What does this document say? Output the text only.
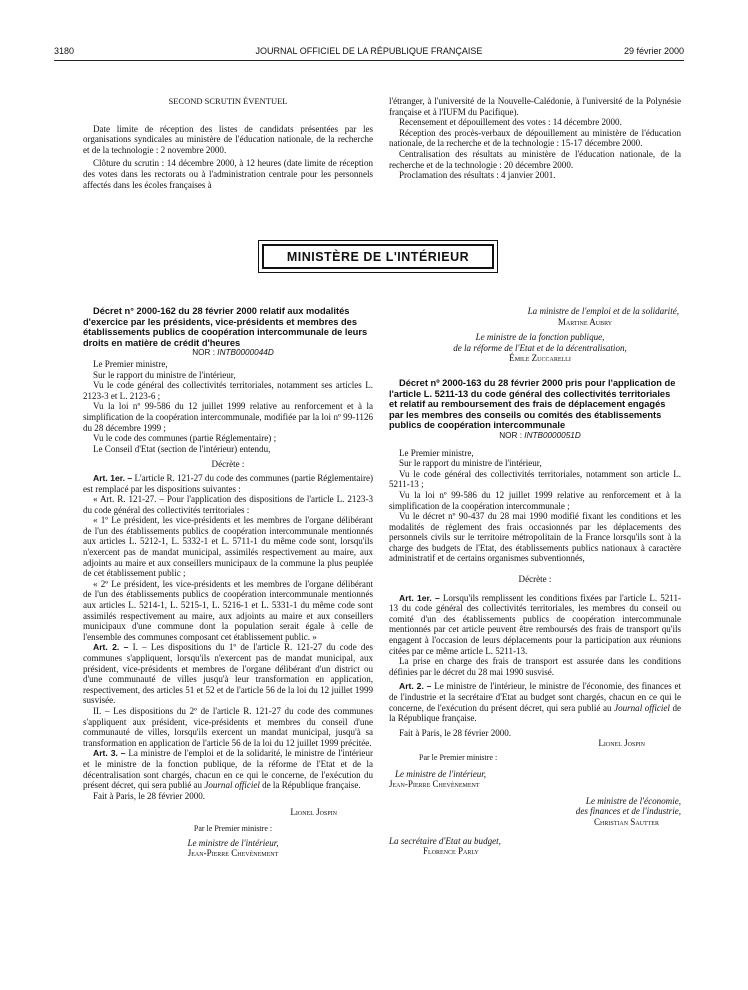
3180	JOURNAL OFFICIEL DE LA RÉPUBLIQUE FRANÇAISE	29 février 2000

SECOND SCRUTIN ÉVENTUEL

Date limite de réception des listes de candidats présentées par les organisations syndicales au ministère de l'éducation nationale, de la recherche et de la technologie : 2 novembre 2000.

Clôture du scrutin : 14 décembre 2000, à 12 heures (date limite de réception des votes dans les rectorats ou à l'administration centrale pour les personnels affectés dans les écoles françaises à

l'étranger, à l'université de la Nouvelle-Calédonie, à l'université de la Polynésie française et à l'IUFM du Pacifique).

Recensement et dépouillement des votes : 14 décembre 2000.

Réception des procès-verbaux de dépouillement au ministère de l'éducation nationale, de la recherche et de la technologie : 15-17 décembre 2000.

Centralisation des résultats au ministère de l'éducation nationale, de la recherche et de la technologie : 20 décembre 2000.

Proclamation des résultats : 4 janvier 2001.

MINISTÈRE DE L'INTÉRIEUR

Décret n° 2000-162 du 28 février 2000 relatif aux modalités d'exercice par les présidents, vice-présidents et membres des établissements publics de coopération intercommunale de leurs droits en matière de crédit d'heures

NOR : INTB0000044D

Le Premier ministre,

Sur le rapport du ministre de l'intérieur,

Vu le code général des collectivités territoriales, notamment ses articles L. 2123-3 et L. 2123-6 ;

Vu la loi nº 99-586 du 12 juillet 1999 relative au renforcement et à la simplification de la coopération intercommunale, modifiée par la loi nº 99-1126 du 28 décembre 1999 ;

Vu le code des communes (partie Réglementaire) ;

Le Conseil d'Etat (section de l'intérieur) entendu,

Décrète :

Art. 1er. – L'article R. 121-27 du code des communes (partie Réglementaire) est remplacé par les dispositions suivantes :

« Art. R. 121-27. – Pour l'application des dispositions de l'article L. 2123-3 du code général des collectivités territoriales :

« 1º Le président, les vice-présidents et les membres de l'organe délibérant de l'un des établissements publics de coopération intercommunale mentionnés aux articles L. 5212-1, L. 5332-1 et L. 5711-1 du même code sont, lorsqu'ils n'exercent pas de mandat municipal, assimilés respectivement au maire, aux adjoints au maire et aux conseillers municipaux de la commune la plus peuplée de cet établissement public ;

« 2º Le président, les vice-présidents et les membres de l'organe délibérant de l'un des établissements publics de coopération intercommunale mentionnés aux articles L. 5214-1, L. 5215-1, L. 5216-1 et L. 5331-1 du même code sont assimilés respectivement au maire, aux adjoints au maire et aux conseillers municipaux d'une commune dont la population serait égale à celle de l'ensemble des communes composant cet établissement public. »

Art. 2. – I. – Les dispositions du 1º de l'article R. 121-27 du code des communes s'appliquent, lorsqu'ils n'exercent pas de mandat municipal, aux président, vice-présidents et membres de l'organe délibérant d'un district ou d'une communauté de villes jusqu'à leur transformation en application, respectivement, des articles 51 et 52 et de l'article 56 de la loi du 12 juillet 1999 susvisée.

II. – Les dispositions du 2º de l'article R. 121-27 du code des communes s'appliquent aux président, vice-présidents et membres du conseil d'une communauté de villes, lorsqu'ils exercent un mandat municipal, jusqu'à sa transformation en application de l'article 56 de la loi du 12 juillet 1999 précitée.

Art. 3. – La ministre de l'emploi et de la solidarité, le ministre de l'intérieur et le ministre de la fonction publique, de la réforme de l'Etat et de la décentralisation sont chargés, chacun en ce qui le concerne, de l'exécution du présent décret, qui sera publié au Journal officiel de la République française.

Fait à Paris, le 28 février 2000.

Lionel Jospin

Par le Premier ministre :

Le ministre de l'intérieur,

Jean-Pierre Chevènement

La ministre de l'emploi et de la solidarité,

Martine Aubry

Le ministre de la fonction publique,

de la réforme de l'Etat et de la décentralisation,

Émile Zuccarelli

Décret nº 2000-163 du 28 février 2000 pris pour l'application de l'article L. 5211-13 du code général des collectivités territoriales et relatif au remboursement des frais de déplacement engagés par les membres des conseils ou comités des établissements publics de coopération intercommunale

NOR : INTB0000051D

Le Premier ministre,

Sur le rapport du ministre de l'intérieur,

Vu le code général des collectivités territoriales, notamment son article L. 5211-13 ;

Vu la loi nº 99-586 du 12 juillet 1999 relative au renforcement et à la simplification de la coopération intercommunale ;

Vu le décret nº 90-437 du 28 mai 1990 modifié fixant les conditions et les modalités de règlement des frais occasionnés par les déplacements des personnels civils sur le territoire métropolitain de la France lorsqu'ils sont à la charge des budgets de l'Etat, des établissements publics nationaux à caractère administratif et de certains organismes subventionnés,

Décrète :

Art. 1er. – Lorsqu'ils remplissent les conditions fixées par l'article L. 5211-13 du code général des collectivités territoriales, les membres du conseil ou comité d'un des établissements publics de coopération intercommunale mentionnés par cet article peuvent être remboursés des frais de transport qu'ils engagent à l'occasion de leurs déplacements pour la participation aux réunions citées par ce même article L. 5211-13.

La prise en charge des frais de transport est assurée dans les conditions définies par le décret du 28 mai 1990 susvisé.

Art. 2. – Le ministre de l'intérieur, le ministre de l'économie, des finances et de l'industrie et la secrétaire d'Etat au budget sont chargés, chacun en ce qui le concerne, de l'exécution du présent décret, qui sera publié au Journal officiel de la République française.

Fait à Paris, le 28 février 2000.

Lionel Jospin

Par le Premier ministre :

Le ministre de l'intérieur,

Jean-Pierre Chevènement

Le ministre de l'économie,

des finances et de l'industrie,

Christian Sautter

La secrétaire d'Etat au budget,

Florence Parly
